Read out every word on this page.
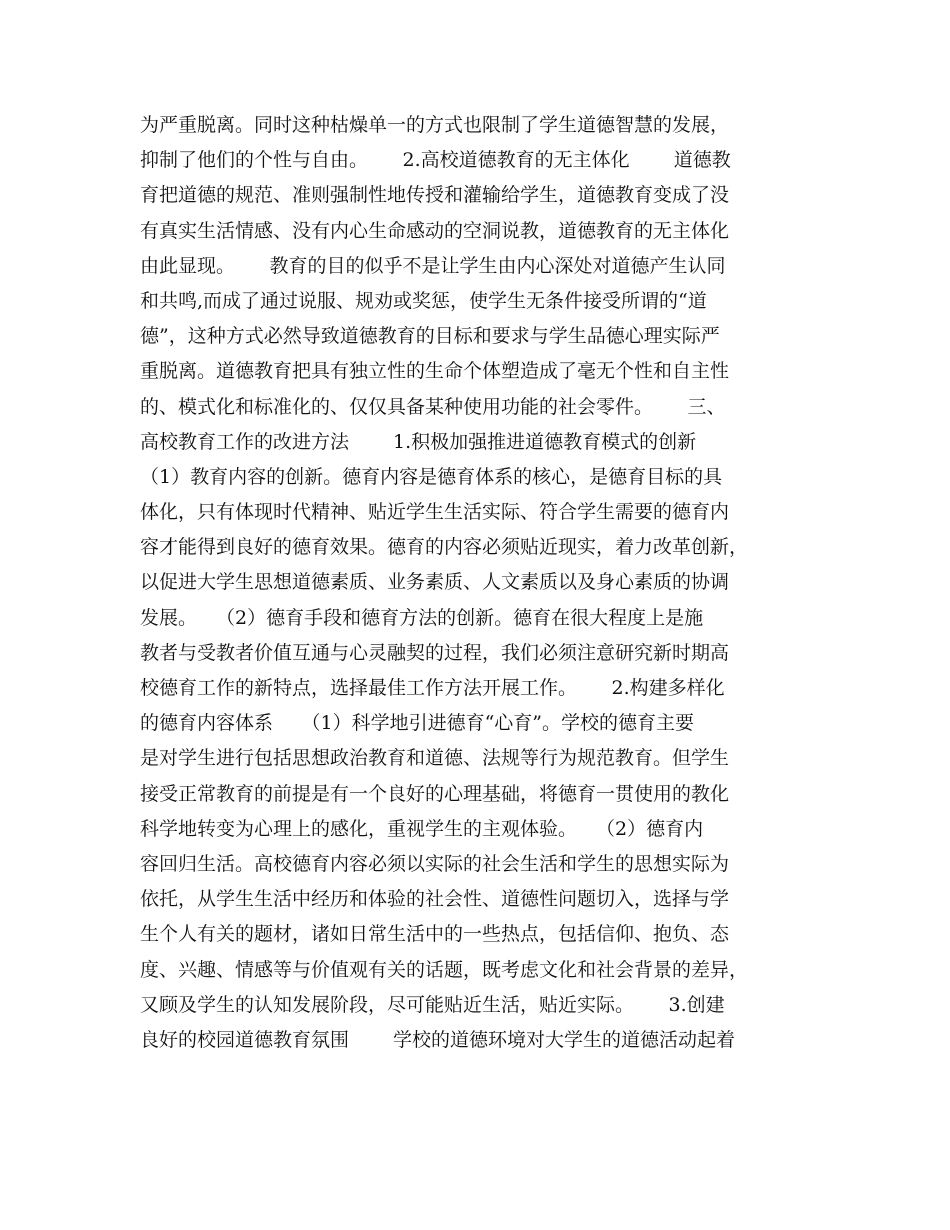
为严重脱离。同时这种枯燥单一的方式也限制了学生道德智慧的发展，
抑制了他们的个性与自由。　　 2.高校道德教育的无主体化　　 道德教
育把道德的规范、准则强制性地传授和灌输给学生，道德教育变成了没
有真实生活情感、没有内心生命感动的空洞说教，道德教育的无主体化
由此显现。　　 教育的目的似乎不是让学生由内心深处对道德产生认同
和共鸣,而成了通过说服、规劝或奖惩，使学生无条件接受所谓的“道
德”，这种方式必然导致道德教育的目标和要求与学生品德心理实际严
重脱离。道德教育把具有独立性的生命个体塑造成了毫无个性和自主性
的、模式化和标准化的、仅仅具备某种使用功能的社会零件。　　 三、
高校教育工作的改进方法　　 1.积极加强推进道德教育模式的创新
（1）教育内容的创新。德育内容是德育体系的核心，是德育目标的具
体化，只有体现时代精神、贴近学生生活实际、符合学生需要的德育内
容才能得到良好的德育效果。德育的内容必须贴近现实，着力改革创新，
以促进大学生思想道德素质、业务素质、人文素质以及身心素质的协调
发展。　　（2）德育手段和德育方法的创新。德育在很大程度上是施
教者与受教者价值互通与心灵融契的过程，我们必须注意研究新时期高
校德育工作的新特点，选择最佳工作方法开展工作。　　 2.构建多样化
的德育内容体系　　（1）科学地引进德育“心育”。学校的德育主要
是对学生进行包括思想政治教育和道德、法规等行为规范教育。但学生
接受正常教育的前提是有一个良好的心理基础，将德育一贯使用的教化
科学地转变为心理上的感化，重视学生的主观体验。　　（2）德育内
容回归生活。高校德育内容必须以实际的社会生活和学生的思想实际为
依托，从学生生活中经历和体验的社会性、道德性问题切入，选择与学
生个人有关的题材，诸如日常生活中的一些热点，包括信仰、抱负、态
度、兴趣、情感等与价值观有关的话题，既考虑文化和社会背景的差异，
又顾及学生的认知发展阶段，尽可能贴近生活，贴近实际。　　 3.创建
良好的校园道德教育氛围　　 学校的道德环境对大学生的道德活动起着
